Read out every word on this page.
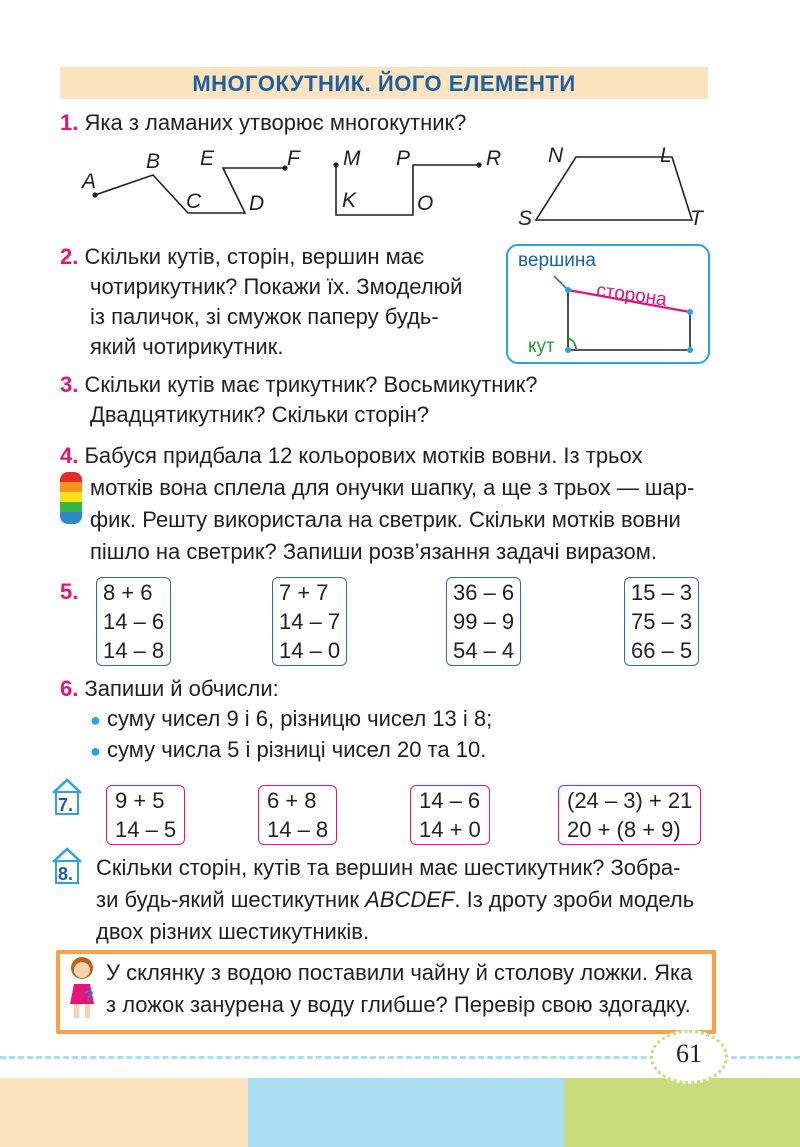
МНОГОКУТНИК. ЙОГО ЕЛЕМЕНТИ
1. Яка з ламаних утворює многокутник?
A
B
C D
E	F M
K	O
P	R N	L
S	T
2. Скільки кутів, сторін, вершин має
чотирикутник? Покажи їх. Змоделюй
із паличок, зі смужок паперу будь-
який чотирикутник.
вершина
сторона
кут
3. Скільки кутів має трикутник? Восьмикутник?
Двадцятикутник? Скільки сторін?
4. Бабуся придбала 12 кольорових мотків вовни. Із трьох
мотків вона сплела для онучки шапку, а ще з трьох — шар-
фик. Решту використала на светрик. Скільки мотків вовни
пішло на светрик? Запиши розв’язання задачі виразом.
5. 8 + 6
14 – 6
14 – 8
7 + 7
14 – 7
14 – 0
36 – 6
99 – 9
54 – 4
15 – 3
75 – 3
66 – 5
6. Запиши й обчисли:
● суму чисел 9 і 6, різницю чисел 13 і 8;
● суму числа 5 і різниці чисел 20 та 10.
7. 9 + 5
14 – 5
6 + 8
14 – 8
14 – 6
14 + 0
(24 – 3) + 21
20 + (8 + 9)
8. Скільки сторін, кутів та вершин має шестикутник? Зобра-
зи будь-який шестикутник ABCDEF. Із дроту зроби модель
двох різних шестикутників.
?
У склянку з водою поставили чайну й столову ложки. Яка
з ложок занурена у воду глибше? Перевір свою здогадку.
61
